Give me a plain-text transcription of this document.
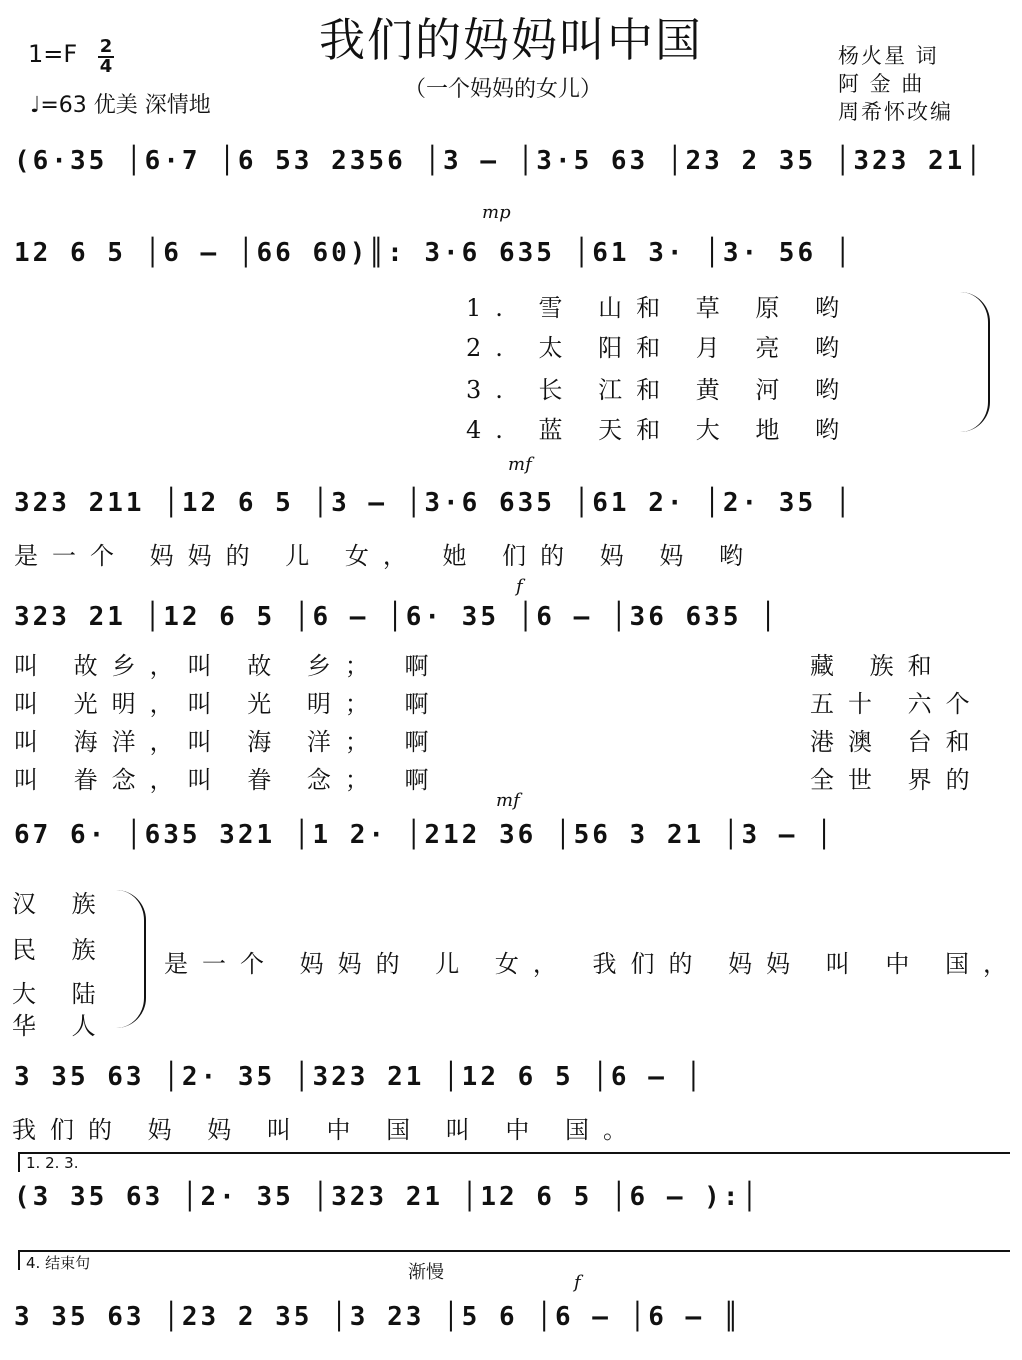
我们的妈妈叫中国
（一个妈妈的女儿）
1=F 2
4
♩=63 优美 深情地
杨火星 词
阿 金 曲
周希怀改编
(6·35 │6·7 │6 53 2356 │3 – │3·5 63 │23 2 35 │323 21│
mp
12 6 5 │6 – │66 60)║: 3·6 635 │61 3· │3· 56 │
1. 雪 山和 草 原 哟
2. 太 阳和 月 亮 哟
3. 长 江和 黄 河 哟
4. 蓝 天和 大 地 哟
mf
323 211 │12 6 5 │3 – │3·6 635 │61 2· │2· 35 │
是一个 妈妈的 儿 女， 她 们的 妈 妈 哟
f
323 21 │12 6 5 │6 – │6· 35 │6 – │36 635 │
叫 故乡，叫 故 乡； 啊
叫 光明，叫 光 明； 啊
叫 海洋，叫 海 洋； 啊
叫 眷念，叫 眷 念； 啊
藏 族和
五十 六个
港澳 台和
全世 界的
mf
67 6· │635 321 │1 2· │212 36 │56 3 21 │3 – │
汉 族
民 族
大 陆
华 人
是一个 妈妈的 儿 女， 我们的 妈妈 叫 中 国，
3 35 63 │2· 35 │323 21 │12 6 5 │6 – │
我们的 妈 妈 叫 中 国 叫 中 国。
1. 2. 3.
(3 35 63 │2· 35 │323 21 │12 6 5 │6 – ):│
4. 结束句	渐慢	f
3 35 63 │23 2 35 │3 23 │5 6 │6 – │6 – ║
